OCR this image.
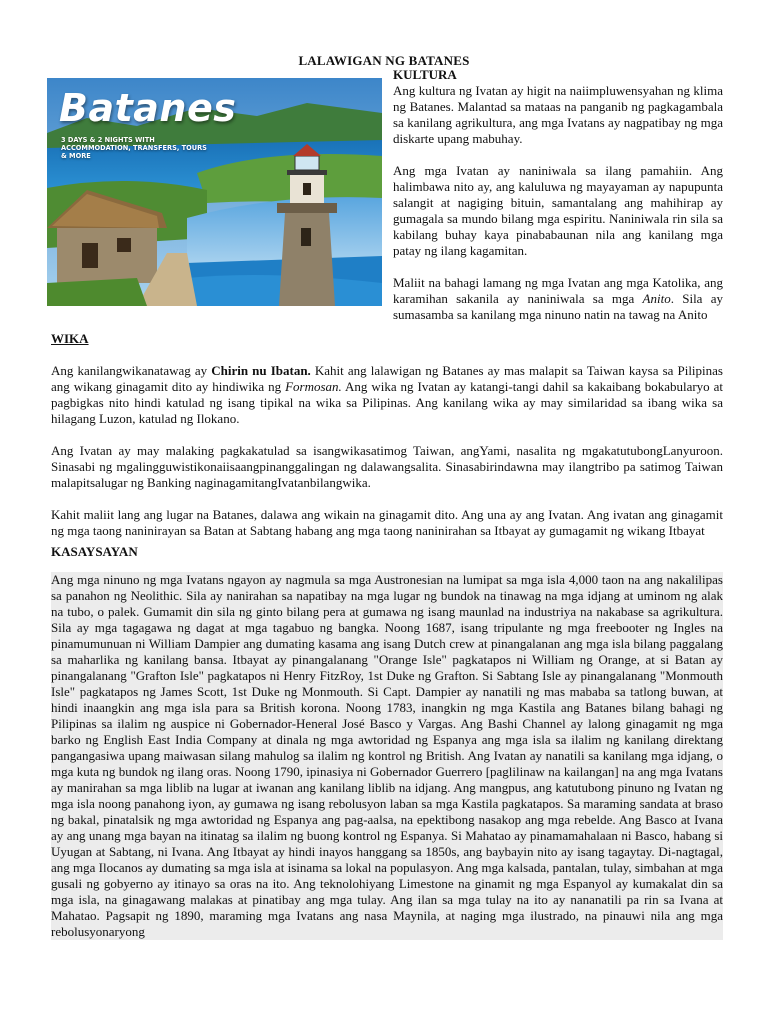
LALAWIGAN NG BATANES
Batanes
3 DAYS & 2 NIGHTS WITH ACCOMMODATION, TRANSFERS, TOURS & MORE
KULTURA

Ang kultura ng Ivatan ay higit na naiimpluwensyahan ng klima ng Batanes. Malantad sa mataas na panganib ng pagkagambala sa kanilang agrikultura, ang mga Ivatans ay nagpatibay ng mga diskarte upang mabuhay.

Ang mga Ivatan ay naniniwala sa ilang pamahiin. Ang halimbawa nito ay, ang kaluluwa ng mayayaman ay napupunta salangit at nagiging bituin, samantalang ang mahihirap ay gumagala sa mundo bilang mga espiritu. Naniniwala rin sila sa kabilang buhay kaya pinababaunan nila ang kanilang mga patay ng ilang kagamitan.

Maliit na bahagi lamang ng mga Ivatan ang mga Katolika, ang karamihan sakanila ay naniniwala sa mga Anito. Sila ay sumasamba sa kanilang mga ninuno natin na tawag na Anito

WIKA

Ang kanilangwikanatawag ay Chirin nu Ibatan. Kahit ang lalawigan ng Batanes ay mas malapit sa Taiwan kaysa sa Pilipinas ang wikang ginagamit dito ay hindiwika ng Formosan. Ang wika ng Ivatan ay katangi-tangi dahil sa kakaibang bokabularyo at pagbigkas nito hindi katulad ng isang tipikal na wika sa Pilipinas. Ang kanilang wika ay may similaridad sa ibang wika sa hilagang Luzon, katulad ng Ilokano.

Ang Ivatan ay may malaking pagkakatulad sa isangwikasatimog Taiwan, angYami, nasalita ng mgakatutubongLanyuroon. Sinasabi ng mgalingguwistikonaiisaangpinanggalingan ng dalawangsalita. Sinasabirindawna may ilangtribo pa satimog Taiwan malapitsalugar ng Banking naginagamitangIvatanbilangwika.

Kahit maliit lang ang lugar na Batanes, dalawa ang wikain na ginagamit dito. Ang una ay ang Ivatan. Ang ivatan ang ginagamit ng mga taong naninirayan sa Batan at Sabtang habang ang mga taong naninirahan sa Itbayat ay gumagamit ng wikang Itbayat

KASAYSAYAN

Ang mga ninuno ng mga Ivatans ngayon ay nagmula sa mga Austronesian na lumipat sa mga isla 4,000 taon na ang nakalilipas sa panahon ng Neolithic. Sila ay nanirahan sa napatibay na mga lugar ng bundok na tinawag na mga idjang at uminom ng alak na tubo, o palek. Gumamit din sila ng ginto bilang pera at gumawa ng isang maunlad na industriya na nakabase sa agrikultura. Sila ay mga tagagawa ng dagat at mga tagabuo ng bangka. Noong 1687, isang tripulante ng mga freebooter ng Ingles na pinamumunuan ni William Dampier ang dumating kasama ang isang Dutch crew at pinangalanan ang mga isla bilang paggalang sa maharlika ng kanilang bansa. Itbayat ay pinangalanang "Orange Isle" pagkatapos ni William ng Orange, at si Batan ay pinangalanang "Grafton Isle" pagkatapos ni Henry FitzRoy, 1st Duke ng Grafton. Si Sabtang Isle ay pinangalanang "Monmouth Isle" pagkatapos ng James Scott, 1st Duke ng Monmouth. Si Capt. Dampier ay nanatili ng mas mababa sa tatlong buwan, at hindi inaangkin ang mga isla para sa British korona. Noong 1783, inangkin ng mga Kastila ang Batanes bilang bahagi ng Pilipinas sa ilalim ng auspice ni Gobernador-Heneral José Basco y Vargas. Ang Bashi Channel ay lalong ginagamit ng mga barko ng English East India Company at dinala ng mga awtoridad ng Espanya ang mga isla sa ilalim ng kanilang direktang pangangasiwa upang maiwasan silang mahulog sa ilalim ng kontrol ng British. Ang Ivatan ay nanatili sa kanilang mga idjang, o mga kuta ng bundok ng ilang oras. Noong 1790, ipinasiya ni Gobernador Guerrero [paglilinaw na kailangan] na ang mga Ivatans ay manirahan sa mga liblib na lugar at iwanan ang kanilang liblib na idjang. Ang mangpus, ang katutubong pinuno ng Ivatan ng mga isla noong panahong iyon, ay gumawa ng isang rebolusyon laban sa mga Kastila pagkatapos. Sa maraming sandata at braso ng bakal, pinatalsik ng mga awtoridad ng Espanya ang pag-aalsa, na epektibong nasakop ang mga rebelde. Ang Basco at Ivana ay ang unang mga bayan na itinatag sa ilalim ng buong kontrol ng Espanya. Si Mahatao ay pinamamahalaan ni Basco, habang si Uyugan at Sabtang, ni Ivana. Ang Itbayat ay hindi inayos hanggang sa 1850s, ang baybayin nito ay isang tagaytay. Di-nagtagal, ang mga Ilocanos ay dumating sa mga isla at isinama sa lokal na populasyon. Ang mga kalsada, pantalan, tulay, simbahan at mga gusali ng gobyerno ay itinayo sa oras na ito. Ang teknolohiyang Limestone na ginamit ng mga Espanyol ay kumakalat din sa mga isla, na ginagawang malakas at pinatibay ang mga tulay. Ang ilan sa mga tulay na ito ay nananatili pa rin sa Ivana at Mahatao. Pagsapit ng 1890, maraming mga Ivatans ang nasa Maynila, at naging mga ilustrado, na pinauwi nila ang mga rebolusyonaryong
